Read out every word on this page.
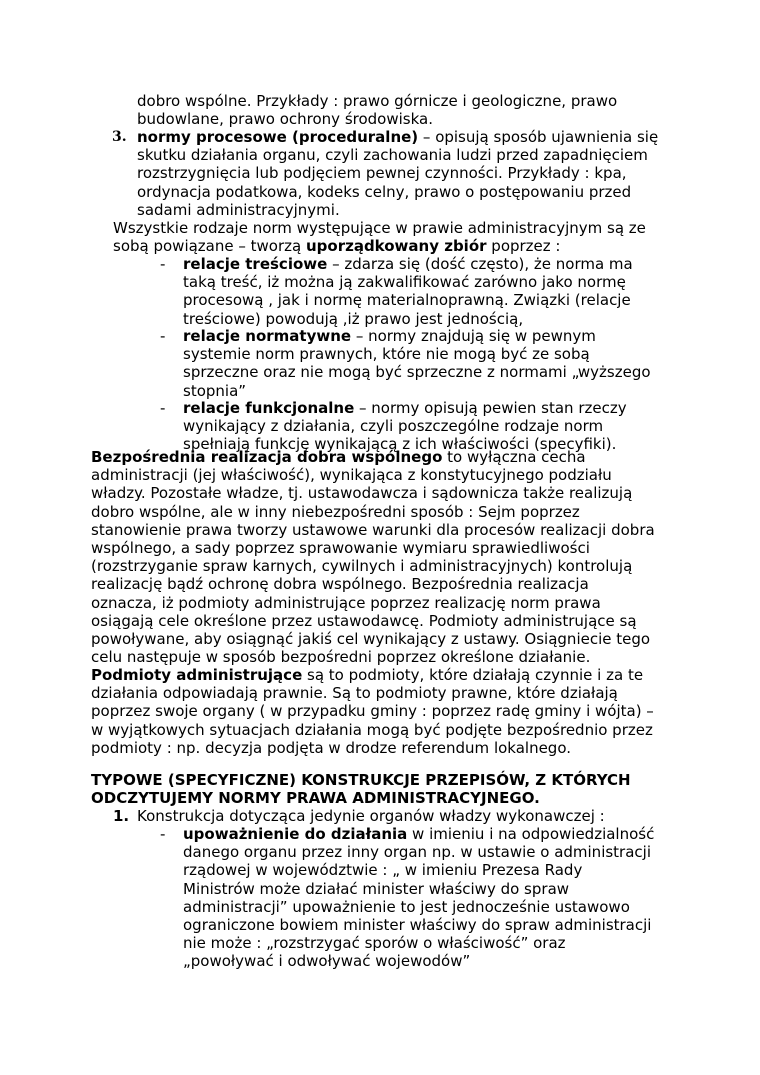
dobro wspólne. Przykłady : prawo górnicze i geologiczne, prawo
budowlane, prawo ochrony środowiska.
3. normy procesowe (proceduralne) – opisują sposób ujawnienia się
skutku działania organu, czyli zachowania ludzi przed zapadnięciem
rozstrzygnięcia lub podjęciem pewnej czynności. Przykłady : kpa,
ordynacja podatkowa, kodeks celny, prawo o postępowaniu przed
sadami administracyjnymi.
Wszystkie rodzaje norm występujące w prawie administracyjnym są ze
sobą powiązane – tworzą uporządkowany zbiór poprzez :
- relacje treściowe – zdarza się (dość często), że norma ma
taką treść, iż można ją zakwalifikować zarówno jako normę
procesową , jak i normę materialnoprawną. Związki (relacje
treściowe) powodują ,iż prawo jest jednością,
- relacje normatywne – normy znajdują się w pewnym
systemie norm prawnych, które nie mogą być ze sobą
sprzeczne oraz nie mogą być sprzeczne z normami „wyższego
stopnia”
- relacje funkcjonalne – normy opisują pewien stan rzeczy
wynikający z działania, czyli poszczególne rodzaje norm
spełniają funkcję wynikającą z ich właściwości (specyfiki).
Bezpośrednia realizacja dobra wspólnego to wyłączna cecha
administracji (jej właściwość), wynikająca z konstytucyjnego podziału
władzy. Pozostałe władze, tj. ustawodawcza i sądownicza także realizują
dobro wspólne, ale w inny niebezpośredni sposób : Sejm poprzez
stanowienie prawa tworzy ustawowe warunki dla procesów realizacji dobra
wspólnego, a sady poprzez sprawowanie wymiaru sprawiedliwości
(rozstrzyganie spraw karnych, cywilnych i administracyjnych) kontrolują
realizację bądź ochronę dobra wspólnego. Bezpośrednia realizacja
oznacza, iż podmioty administrujące poprzez realizację norm prawa
osiągają cele określone przez ustawodawcę. Podmioty administrujące są
powoływane, aby osiągnąć jakiś cel wynikający z ustawy. Osiągniecie tego
celu następuje w sposób bezpośredni poprzez określone działanie.
Podmioty administrujące są to podmioty, które działają czynnie i za te
działania odpowiadają prawnie. Są to podmioty prawne, które działają
poprzez swoje organy ( w przypadku gminy : poprzez radę gminy i wójta) –
w wyjątkowych sytuacjach działania mogą być podjęte bezpośrednio przez
podmioty : np. decyzja podjęta w drodze referendum lokalnego.
TYPOWE (SPECYFICZNE) KONSTRUKCJE PRZEPISÓW, Z KTÓRYCH
ODCZYTUJEMY NORMY PRAWA ADMINISTRACYJNEGO.
1. Konstrukcja dotycząca jedynie organów władzy wykonawczej :
- upoważnienie do działania w imieniu i na odpowiedzialność
danego organu przez inny organ np. w ustawie o administracji
rządowej w województwie : „ w imieniu Prezesa Rady
Ministrów może działać minister właściwy do spraw
administracji” upoważnienie to jest jednocześnie ustawowo
ograniczone bowiem minister właściwy do spraw administracji
nie może : „rozstrzygać sporów o właściwość” oraz
„powoływać i odwoływać wojewodów”
